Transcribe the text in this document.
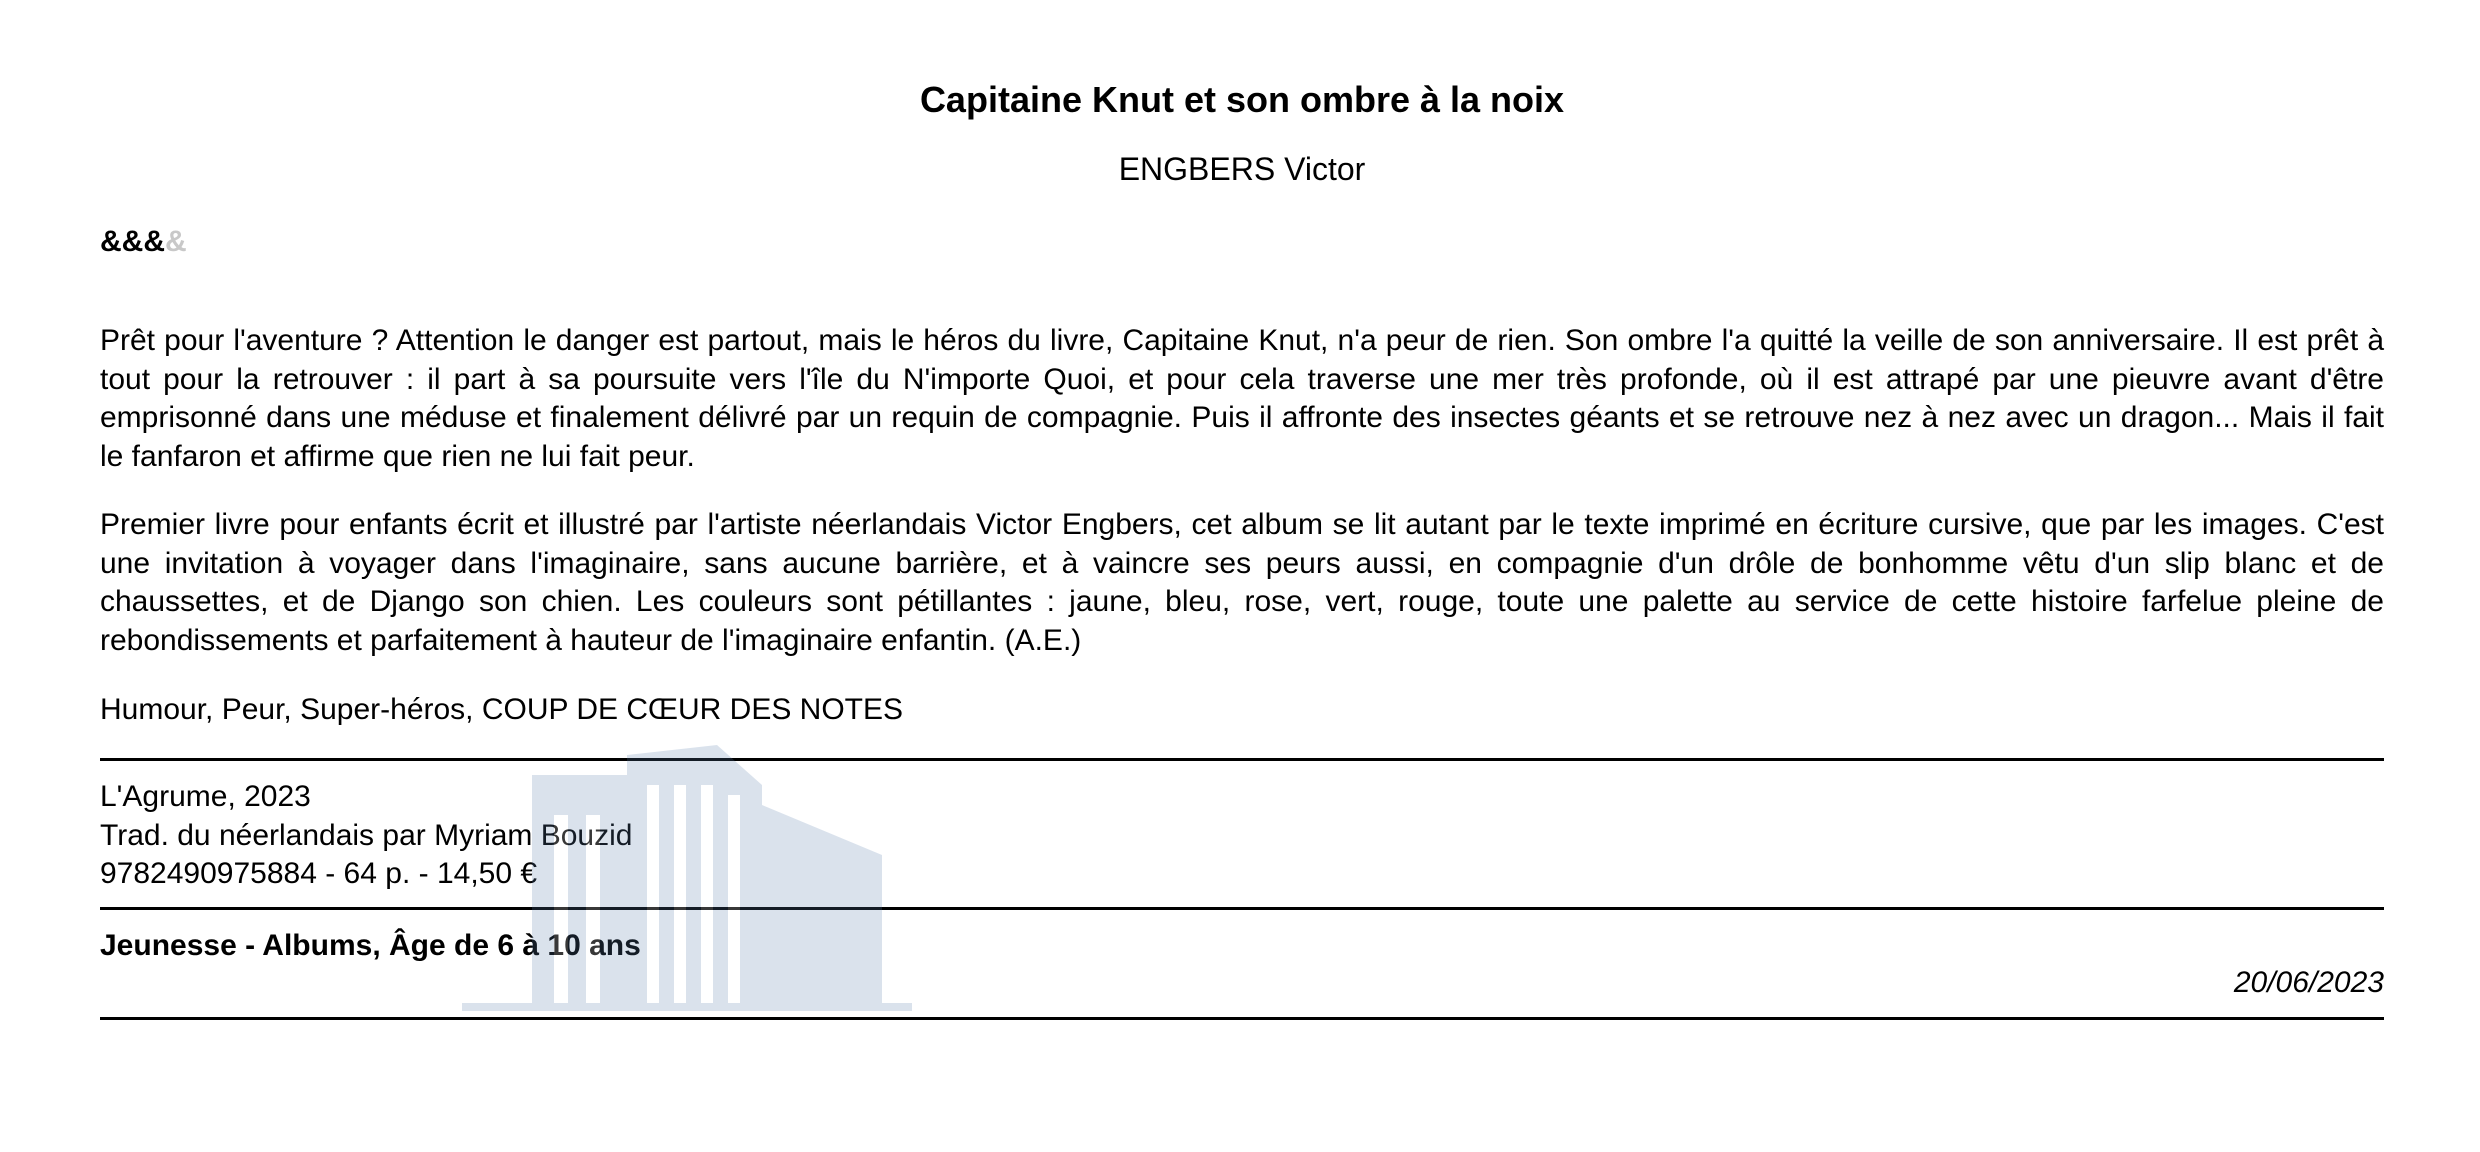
Capitaine Knut et son ombre à la noix
ENGBERS Victor
&&&&

Prêt pour l'aventure ? Attention le danger est partout, mais le héros du livre, Capitaine Knut, n'a peur de rien. Son ombre l'a quitté la veille de son anniversaire. Il est prêt à tout pour la retrouver : il part à sa poursuite vers l'île du N'importe Quoi, et pour cela traverse une mer très profonde, où il est attrapé par une pieuvre avant d'être emprisonné dans une méduse et finalement délivré par un requin de compagnie. Puis il affronte des insectes géants et se retrouve nez à nez avec un dragon... Mais il fait le fanfaron et affirme que rien ne lui fait peur.

Premier livre pour enfants écrit et illustré par l'artiste néerlandais Victor Engbers, cet album se lit autant par le texte imprimé en écriture cursive, que par les images. C'est une invitation à voyager dans l'imaginaire, sans aucune barrière, et à vaincre ses peurs aussi, en compagnie d'un drôle de bonhomme vêtu d'un slip blanc et de chaussettes, et de Django son chien. Les couleurs sont pétillantes : jaune, bleu, rose, vert, rouge, toute une palette au service de cette histoire farfelue pleine de rebondissements et parfaitement à hauteur de l'imaginaire enfantin. (A.E.)

Humour, Peur, Super-héros, COUP DE CŒUR DES NOTES
L'Agrume, 2023
Trad. du néerlandais par Myriam Bouzid
9782490975884 - 64 p. - 14,50 €
Jeunesse - Albums, Âge de 6 à 10 ans
20/06/2023
